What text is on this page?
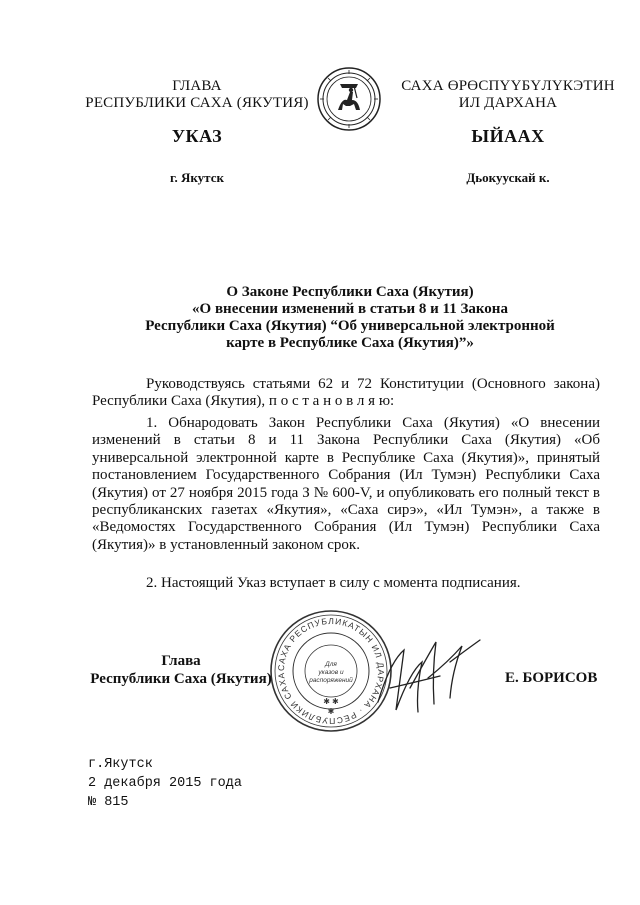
ГЛАВА
РЕСПУБЛИКИ САХА (ЯКУТИЯ)
САХА ӨРӨСПҮҮБҮЛҮКЭТИН
ИЛ ДАРХАНА
УКАЗ	ЫЙААХ
г. Якутск	Дьокуускай к.
О Законе Республики Саха (Якутия)
«О внесении изменений в статьи 8 и 11 Закона
Республики Саха (Якутия) “Об универсальной электронной
карте в Республике Саха (Якутия)”»
Руководствуясь статьями 62 и 72 Конституции (Основного закона) Республики Саха (Якутия), п о с т а н о в л я ю:
1. Обнародовать Закон Республики Саха (Якутия) «О внесении изменений в статьи 8 и 11 Закона Республики Саха (Якутия) «Об универсальной электронной карте в Республике Саха (Якутия)», принятый постановлением Государственного Собрания (Ил Тумэн) Республики Саха (Якутия) от 27 ноября 2015 года З № 600-V, и опубликовать его полный текст в республиканских газетах «Якутия», «Саха сирэ», «Ил Тумэн», а также в «Ведомостях Государственного Собрания (Ил Тумэн) Республики Саха (Якутия)» в установленный законом срок.
2. Настоящий Указ вступает в силу с момента подписания.
САХА РЕСПУБЛИКАТЫН ИЛ ДАРХАНА · РЕСПУБЛИКИ САХА
Для
указов и
распоряжений
✱ ✱
✱
Глава
Республики Саха (Якутия)	Е. БОРИСОВ
г.Якутск
2 декабря 2015 года
№ 815
